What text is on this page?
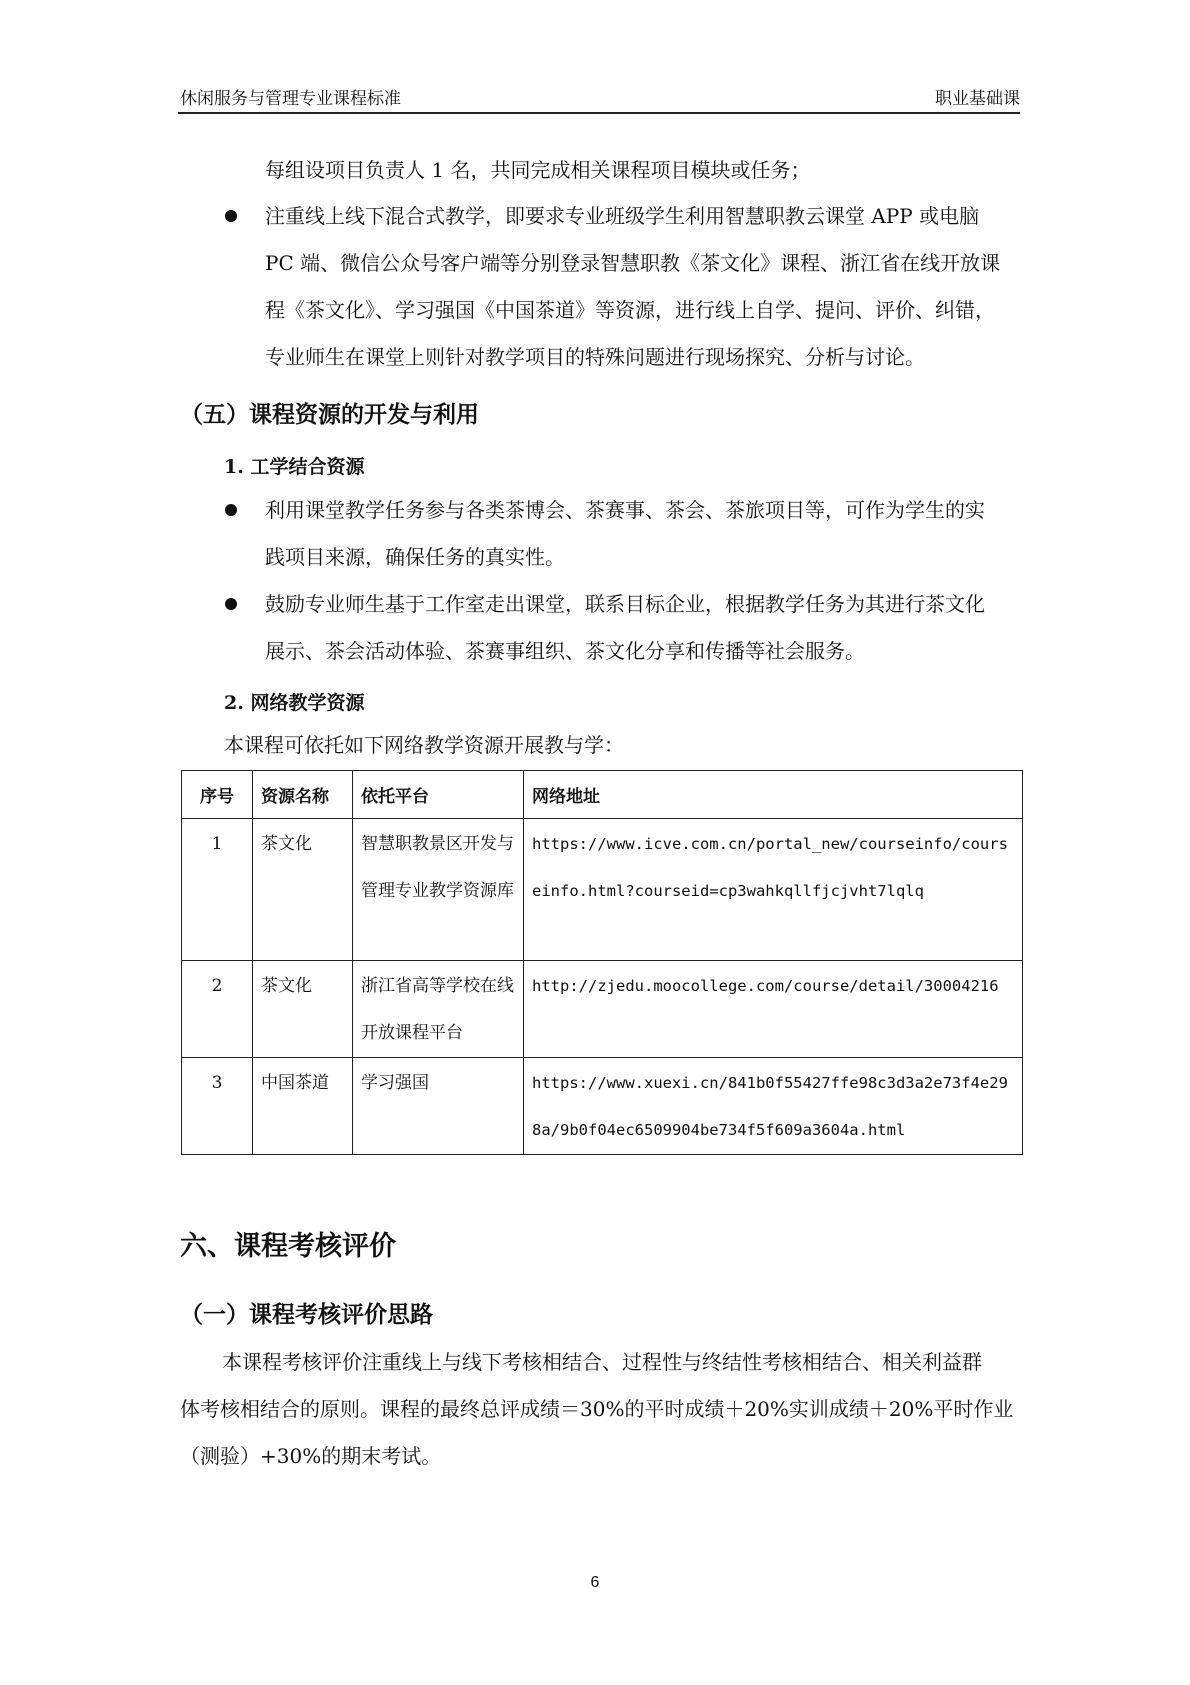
休闲服务与管理专业课程标准	职业基础课
每组设项目负责人 1 名，共同完成相关课程项目模块或任务；
注重线上线下混合式教学，即要求专业班级学生利用智慧职教云课堂 APP 或电脑
PC 端、微信公众号客户端等分别登录智慧职教《茶文化》课程、浙江省在线开放课
程《茶文化》、学习强国《中国茶道》等资源，进行线上自学、提问、评价、纠错，
专业师生在课堂上则针对教学项目的特殊问题进行现场探究、分析与讨论。
（五）课程资源的开发与利用
1. 工学结合资源
利用课堂教学任务参与各类茶博会、茶赛事、茶会、茶旅项目等，可作为学生的实
践项目来源，确保任务的真实性。
鼓励专业师生基于工作室走出课堂，联系目标企业，根据教学任务为其进行茶文化
展示、茶会活动体验、茶赛事组织、茶文化分享和传播等社会服务。
2. 网络教学资源
本课程可依托如下网络教学资源开展教与学：
序号	资源名称	依托平台	网络地址
1	茶文化	智慧职教景区开发与管理专业教学资源库	https://www.icve.com.cn/portal_new/courseinfo/courseinfo.html?courseid=cp3wahkqllfjcjvht7lqlq
2	茶文化	浙江省高等学校在线开放课程平台	http://zjedu.moocollege.com/course/detail/30004216
3	中国茶道	学习强国	https://www.xuexi.cn/841b0f55427ffe98c3d3a2e73f4e298a/9b0f04ec6509904be734f5f609a3604a.html
六、课程考核评价
（一）课程考核评价思路
本课程考核评价注重线上与线下考核相结合、过程性与终结性考核相结合、相关利益群
体考核相结合的原则。课程的最终总评成绩＝30%的平时成绩＋20%实训成绩＋20%平时作业
（测验）+30%的期末考试。
6
